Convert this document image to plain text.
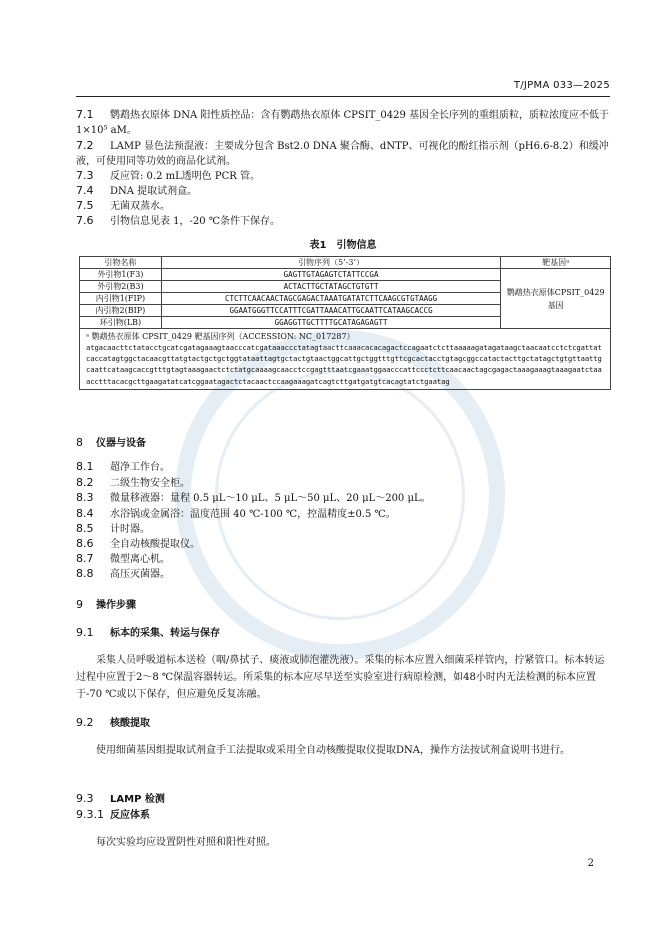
T/JPMA 033—2025
7.1 鹦鹉热衣原体 DNA 阳性质控品：含有鹦鹉热衣原体 CPSIT_0429 基因全长序列的重组质粒，质粒浓度应不低于 1×10⁵ aM。
7.2 LAMP 显色法预混液：主要成分包含 Bst2.0 DNA 聚合酶、dNTP、可视化的酚红指示剂（pH6.6-8.2）和缓冲液，可使用同等功效的商品化试剂。
7.3 反应管: 0.2 mL透明色 PCR 管。
7.4 DNA 提取试剂盒。
7.5 无菌双蒸水。
7.6 引物信息见表 1，-20 ℃条件下保存。
表1　引物信息
引物名称	引物序列（5’-3’）	靶基因ᵃ
外引物1(F3)	GAGTTGTAGAGTCTATTCCGA	鹦鹉热衣原体CPSIT_0429基因
外引物2(B3)	ACTACTTGCTATAGCTGTGTT	
内引物1(FIP)	CTCTTCAACAACTAGCGAGACTAAATGATATCTTCAAGCGTGTAAGG	
内引物2(BIP)	GGAATGGGTTCCATTTCGATTAAACATTGCAATTCATAAGCACCG	
环引物(LB)	GGAGGTTGCTTTTGCATAGAGAGTT	

ᵃ 鹦鹉热衣原体 CPSIT_0429 靶基因序列（ACCESSION: NC_017287）
atgacaacttctatacctgcatcgatagaaagtaacccatcgataaaccctatagtaacttcaaacacacagactccagaatctcttaaaaagatagataagctaacaatcctctcgattatcaccatagtggctacaacgttatgtactgctgctggtataattagtgctactgtaactggcattgctggtttgttcgcactacctgtagcggccatactacttgctatagctgtgttaattgcaattcataagcaccgtttgtagtaaagaactctctatgcaaaagcaacctccgagtttaatcgaaatggaacccattccctcttcaacaactagcgagactaaagaaagtaaagaatctaaacctttacacgcttgaagatatcatcggaatagactctacaactccaagaaagatcagtcttgatgatgtcacagtatctgaatag		
8 仪器与设备
8.1 超净工作台。
8.2 二级生物安全柜。
8.3 微量移液器：量程 0.5 μL～10 μL、5 μL～50 μL、20 μL～200 μL。
8.4 水浴锅或金属浴：温度范围 40 ℃-100 ℃，控温精度±0.5 ℃。
8.5 计时器。
8.6 全自动核酸提取仪。
8.7 微型离心机。
8.8 高压灭菌器。
9 操作步骤
9.1 标本的采集、转运与保存
采集人员呼吸道标本送检（咽/鼻拭子、痰液或肺泡灌洗液）。采集的标本应置入细菌采样管内，拧紧管口。标本转运过程中应置于2～8 ℃保温容器转运。所采集的标本应尽早送至实验室进行病原检测，如48小时内无法检测的标本应置于-70 ℃或以下保存，但应避免反复冻融。
9.2 核酸提取
使用细菌基因组提取试剂盒手工法提取或采用全自动核酸提取仪提取DNA，操作方法按试剂盒说明书进行。
9.3 LAMP 检测
9.3.1 反应体系
每次实验均应设置阴性对照和阳性对照。
2
